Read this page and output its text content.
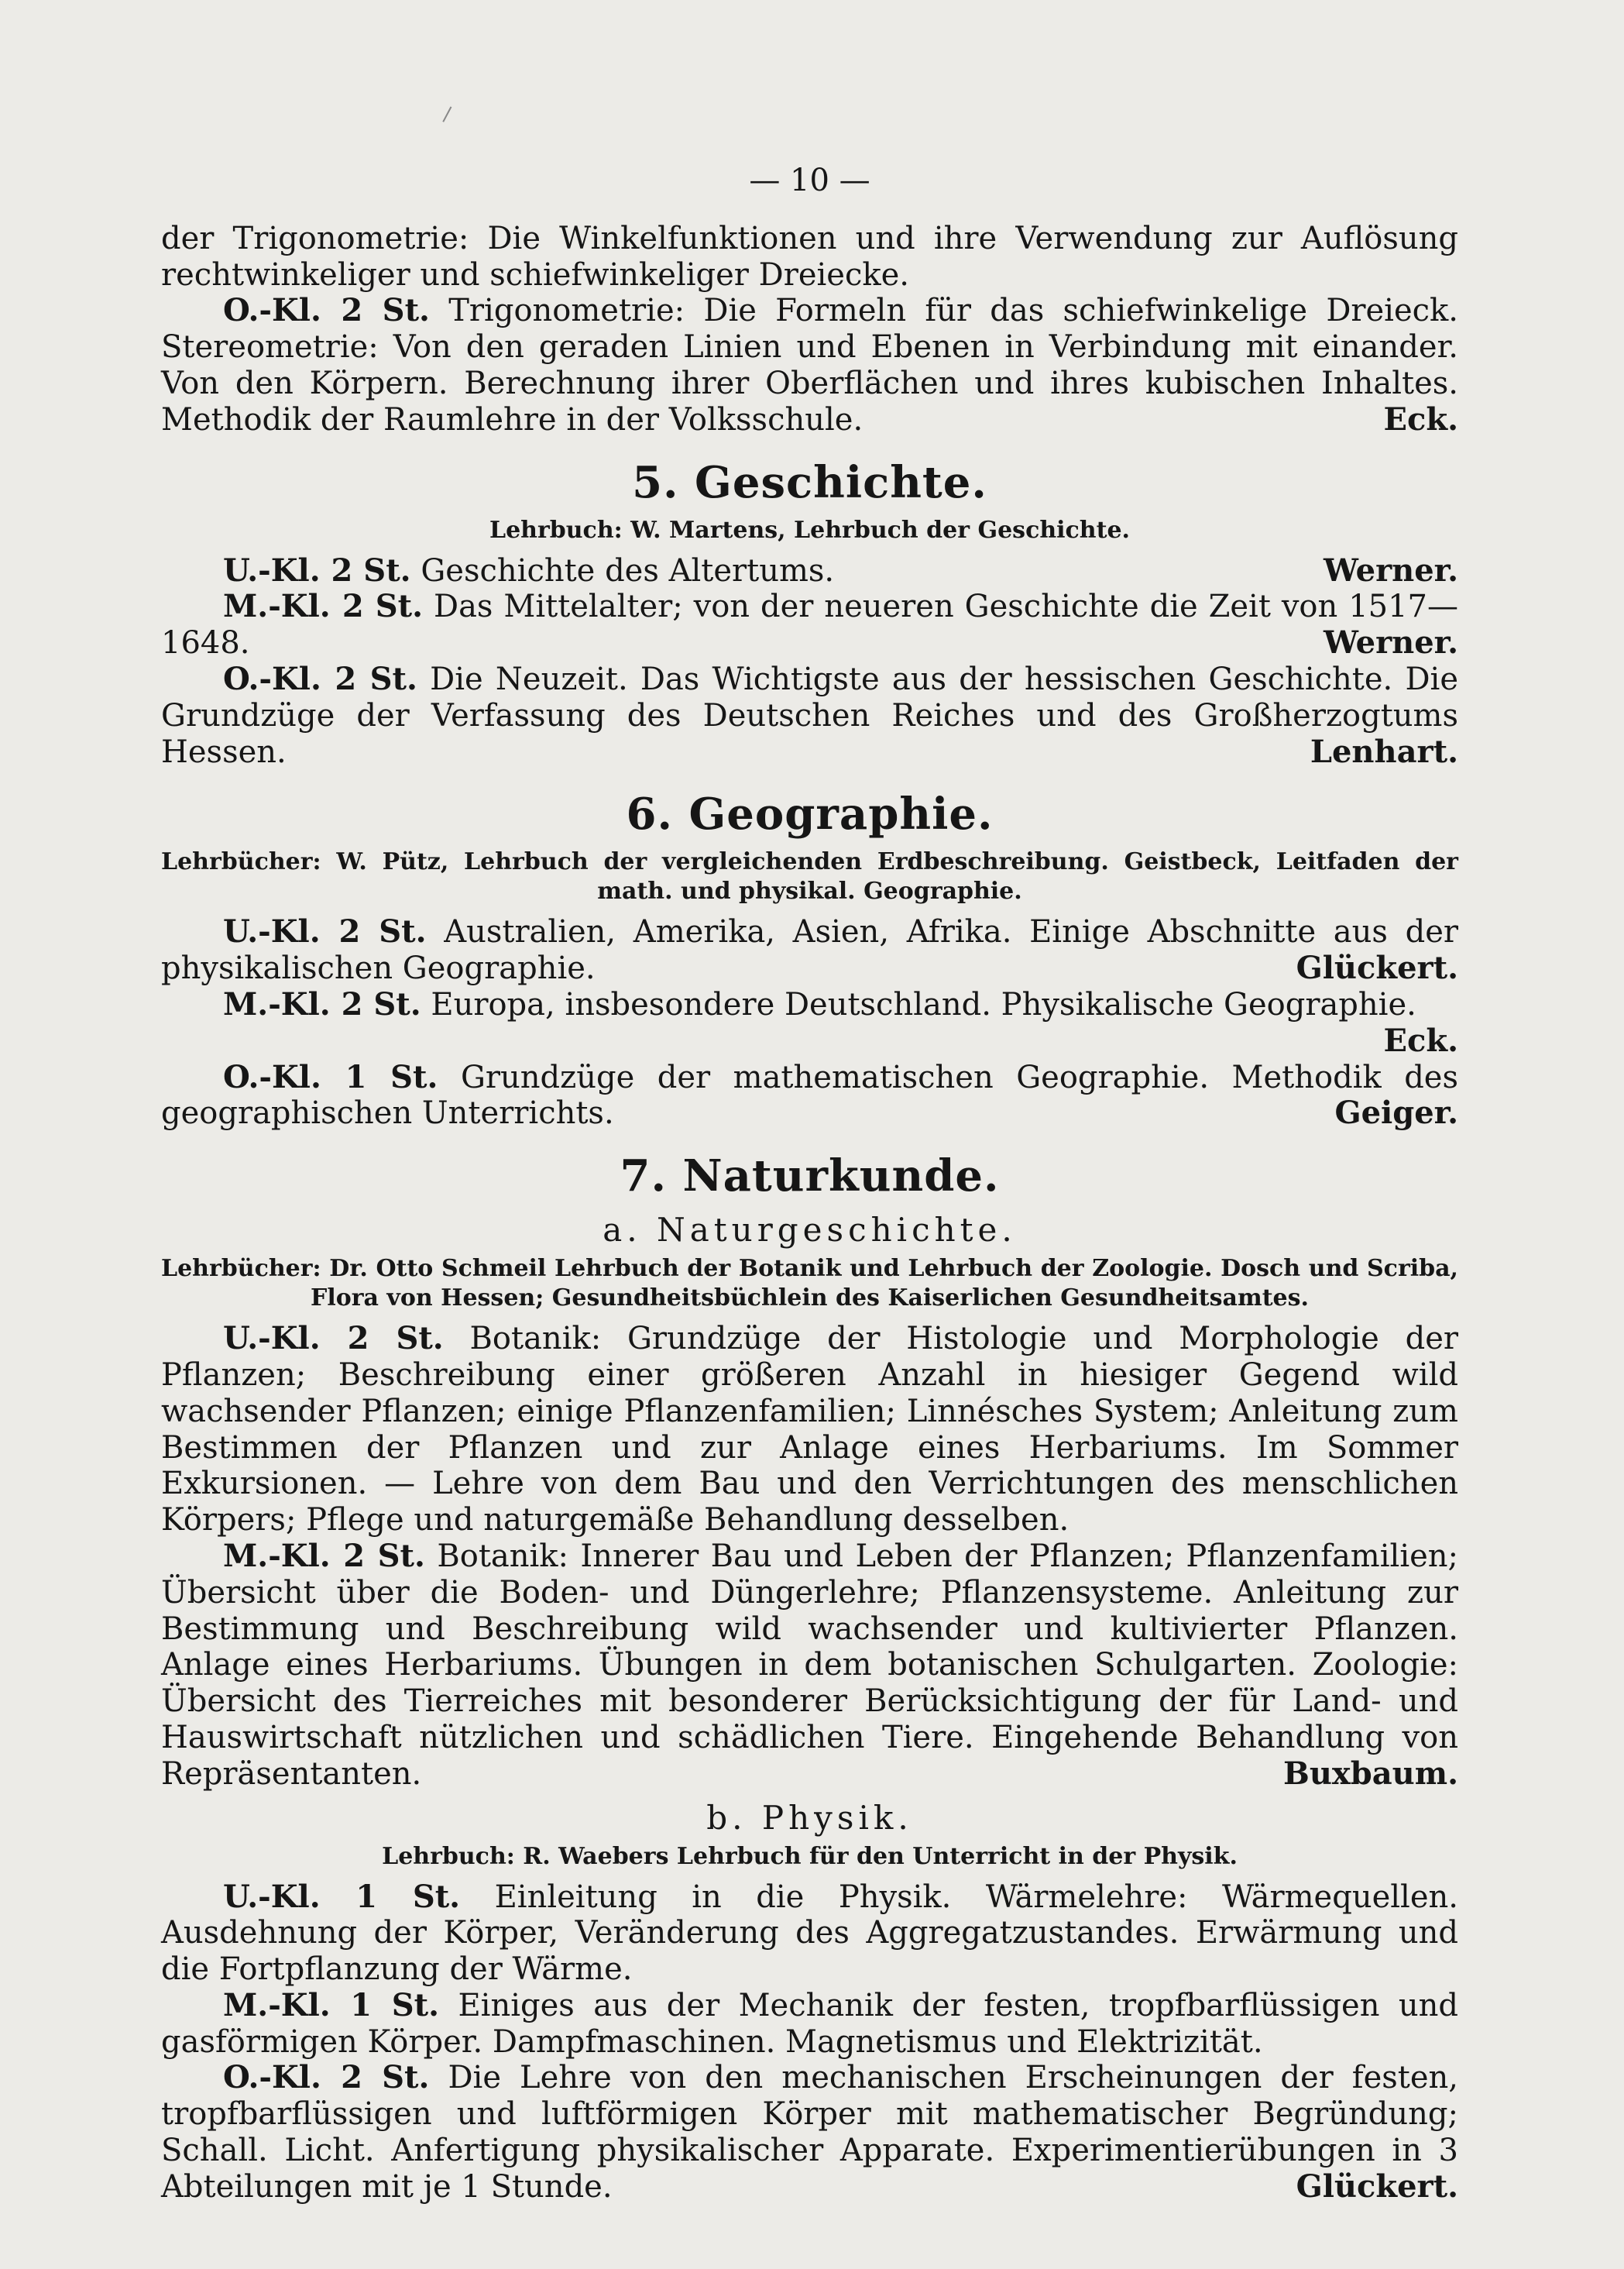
— 10 —

der Trigonometrie: Die Winkelfunktionen und ihre Verwendung zur Auflösung rechtwinkeliger und schiefwinkeliger Dreiecke.

O.-Kl. 2 St. Trigonometrie: Die Formeln für das schiefwinkelige Dreieck. Stereometrie: Von den geraden Linien und Ebenen in Verbindung mit einander. Von den Körpern. Berechnung ihrer Oberflächen und ihres kubischen Inhaltes. Methodik der Raumlehre in der Volksschule.	Eck.

5. Geschichte.
Lehrbuch: W. Martens, Lehrbuch der Geschichte.

U.-Kl. 2 St. Geschichte des Altertums.	Werner.

M.-Kl. 2 St. Das Mittelalter; von der neueren Geschichte die Zeit von 1517—1648.	Werner.

O.-Kl. 2 St. Die Neuzeit. Das Wichtigste aus der hessischen Geschichte. Die Grundzüge der Verfassung des Deutschen Reiches und des Großherzogtums Hessen.	Lenhart.

6. Geographie.
Lehrbücher: W. Pütz, Lehrbuch der vergleichenden Erdbeschreibung. Geistbeck, Leitfaden der math. und physikal. Geographie.

U.-Kl. 2 St. Australien, Amerika, Asien, Afrika. Einige Abschnitte aus der physikalischen Geographie.	Glückert.

M.-Kl. 2 St. Europa, insbesondere Deutschland. Physikalische Geographie.
Eck.

O.-Kl. 1 St. Grundzüge der mathematischen Geographie. Methodik des geographischen Unterrichts.	Geiger.

7. Naturkunde.
a. Naturgeschichte.
Lehrbücher: Dr. Otto Schmeil Lehrbuch der Botanik und Lehrbuch der Zoologie. Dosch und Scriba, Flora von Hessen; Gesundheitsbüchlein des Kaiserlichen Gesundheitsamtes.

U.-Kl. 2 St. Botanik: Grundzüge der Histologie und Morphologie der Pflanzen; Beschreibung einer größeren Anzahl in hiesiger Gegend wild wachsender Pflanzen; einige Pflanzenfamilien; Linnésches System; Anleitung zum Bestimmen der Pflanzen und zur Anlage eines Herbariums. Im Sommer Exkursionen. — Lehre von dem Bau und den Verrichtungen des menschlichen Körpers; Pflege und naturgemäße Behandlung desselben.

M.-Kl. 2 St. Botanik: Innerer Bau und Leben der Pflanzen; Pflanzenfamilien; Übersicht über die Boden- und Düngerlehre; Pflanzensysteme. Anleitung zur Bestimmung und Beschreibung wild wachsender und kultivierter Pflanzen. Anlage eines Herbariums. Übungen in dem botanischen Schulgarten. Zoologie: Übersicht des Tierreiches mit besonderer Berücksichtigung der für Land- und Hauswirtschaft nützlichen und schädlichen Tiere. Eingehende Behandlung von Repräsentanten.	Buxbaum.

b. Physik.
Lehrbuch: R. Waebers Lehrbuch für den Unterricht in der Physik.

U.-Kl. 1 St. Einleitung in die Physik. Wärmelehre: Wärmequellen. Ausdehnung der Körper, Veränderung des Aggregatzustandes. Erwärmung und die Fortpflanzung der Wärme.

M.-Kl. 1 St. Einiges aus der Mechanik der festen, tropfbarflüssigen und gasförmigen Körper. Dampfmaschinen. Magnetismus und Elektrizität.

O.-Kl. 2 St. Die Lehre von den mechanischen Erscheinungen der festen, tropfbarflüssigen und luftförmigen Körper mit mathematischer Begründung; Schall. Licht. Anfertigung physikalischer Apparate. Experimentierübungen in 3 Abteilungen mit je 1 Stunde.	Glückert.
